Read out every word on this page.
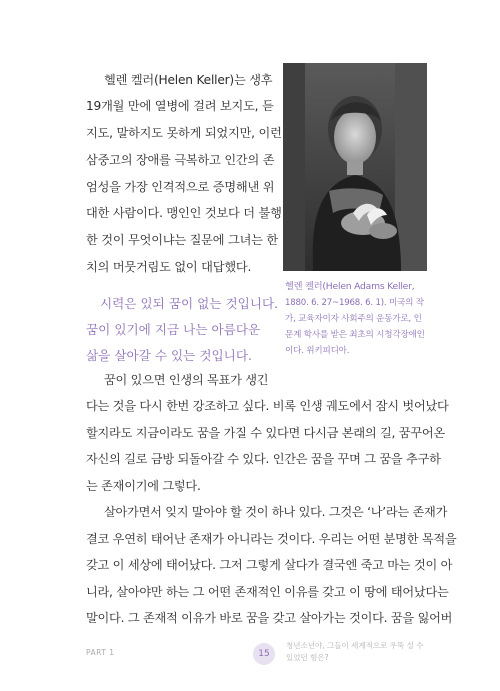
헬렌 켈러(Helen Keller)는 생후
19개월 만에 열병에 걸려 보지도, 듣
지도, 말하지도 못하게 되었지만, 이런
삼중고의 장애를 극복하고 인간의 존
엄성을 가장 인격적으로 증명해낸 위
대한 사람이다. 맹인인 것보다 더 불행
한 것이 무엇이냐는 질문에 그녀는 한
치의 머뭇거림도 없이 대답했다.
시력은 있되 꿈이 없는 것입니다.
꿈이 있기에 지금 나는 아름다운
삶을 살아갈 수 있는 것입니다.
헬렌 켈러(Helen Adams Keller,
1880. 6. 27~1968. 6. 1). 미국의 작
가, 교육자이자 사회주의 운동가로, 인
문계 학사를 받은 최초의 시청각장애인
이다. 위키피디아.
꿈이 있으면 인생의 목표가 생긴
다는 것을 다시 한번 강조하고 싶다. 비록 인생 궤도에서 잠시 벗어났다
할지라도 지금이라도 꿈을 가질 수 있다면 다시금 본래의 길, 꿈꾸어온
자신의 길로 금방 되돌아갈 수 있다. 인간은 꿈을 꾸며 그 꿈을 추구하
는 존재이기에 그렇다.
살아가면서 잊지 말아야 할 것이 하나 있다. 그것은 ‘나’라는 존재가
결코 우연히 태어난 존재가 아니라는 것이다. 우리는 어떤 분명한 목적을
갖고 이 세상에 태어났다. 그저 그렇게 살다가 결국엔 죽고 마는 것이 아
니라, 살아야만 하는 그 어떤 존재적인 이유를 갖고 이 땅에 태어났다는
말이다. 그 존재적 이유가 바로 꿈을 갖고 살아가는 것이다. 꿈을 잃어버
PART 1	15
청년소년야, 그들이 세계적으로 우뚝 설 수
있었던 힘은?
